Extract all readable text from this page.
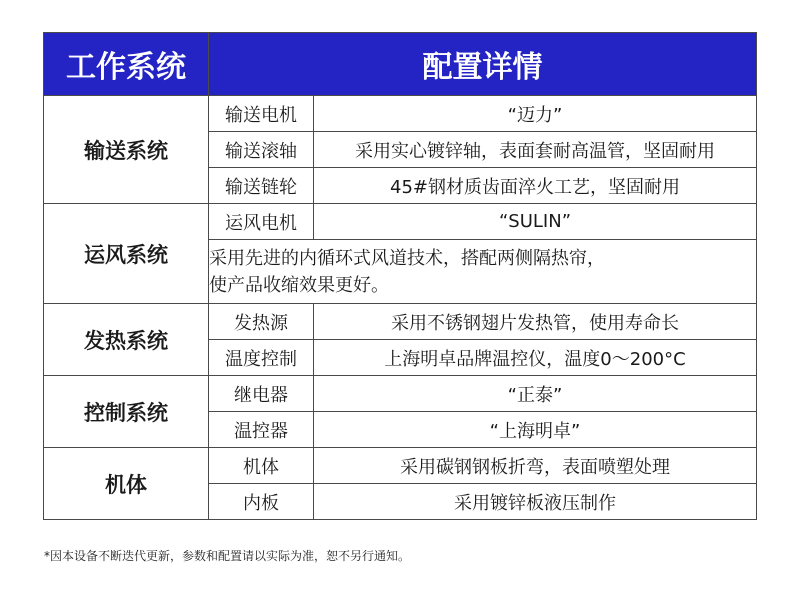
工作系统	配置详情	
输送系统	输送电机	“迈力”
	输送滚轴	采用实心镀锌轴，表面套耐高温管，坚固耐用
	输送链轮	45#钢材质齿面淬火工艺，坚固耐用
运风系统	运风电机	“SULIN”

	采用先进的内循环式风道技术，搭配两侧隔热帘，
使产品收缩效果更好。	

发热系统	发热源	采用不锈钢翅片发热管，使用寿命长
	温度控制	上海明卓品牌温控仪，温度0～200°C
控制系统	继电器	“正泰”
	温控器	“上海明卓”
机体	机体	采用碳钢钢板折弯，表面喷塑处理
	内板	采用镀锌板液压制作
*因本设备不断迭代更新，参数和配置请以实际为准，恕不另行通知。
